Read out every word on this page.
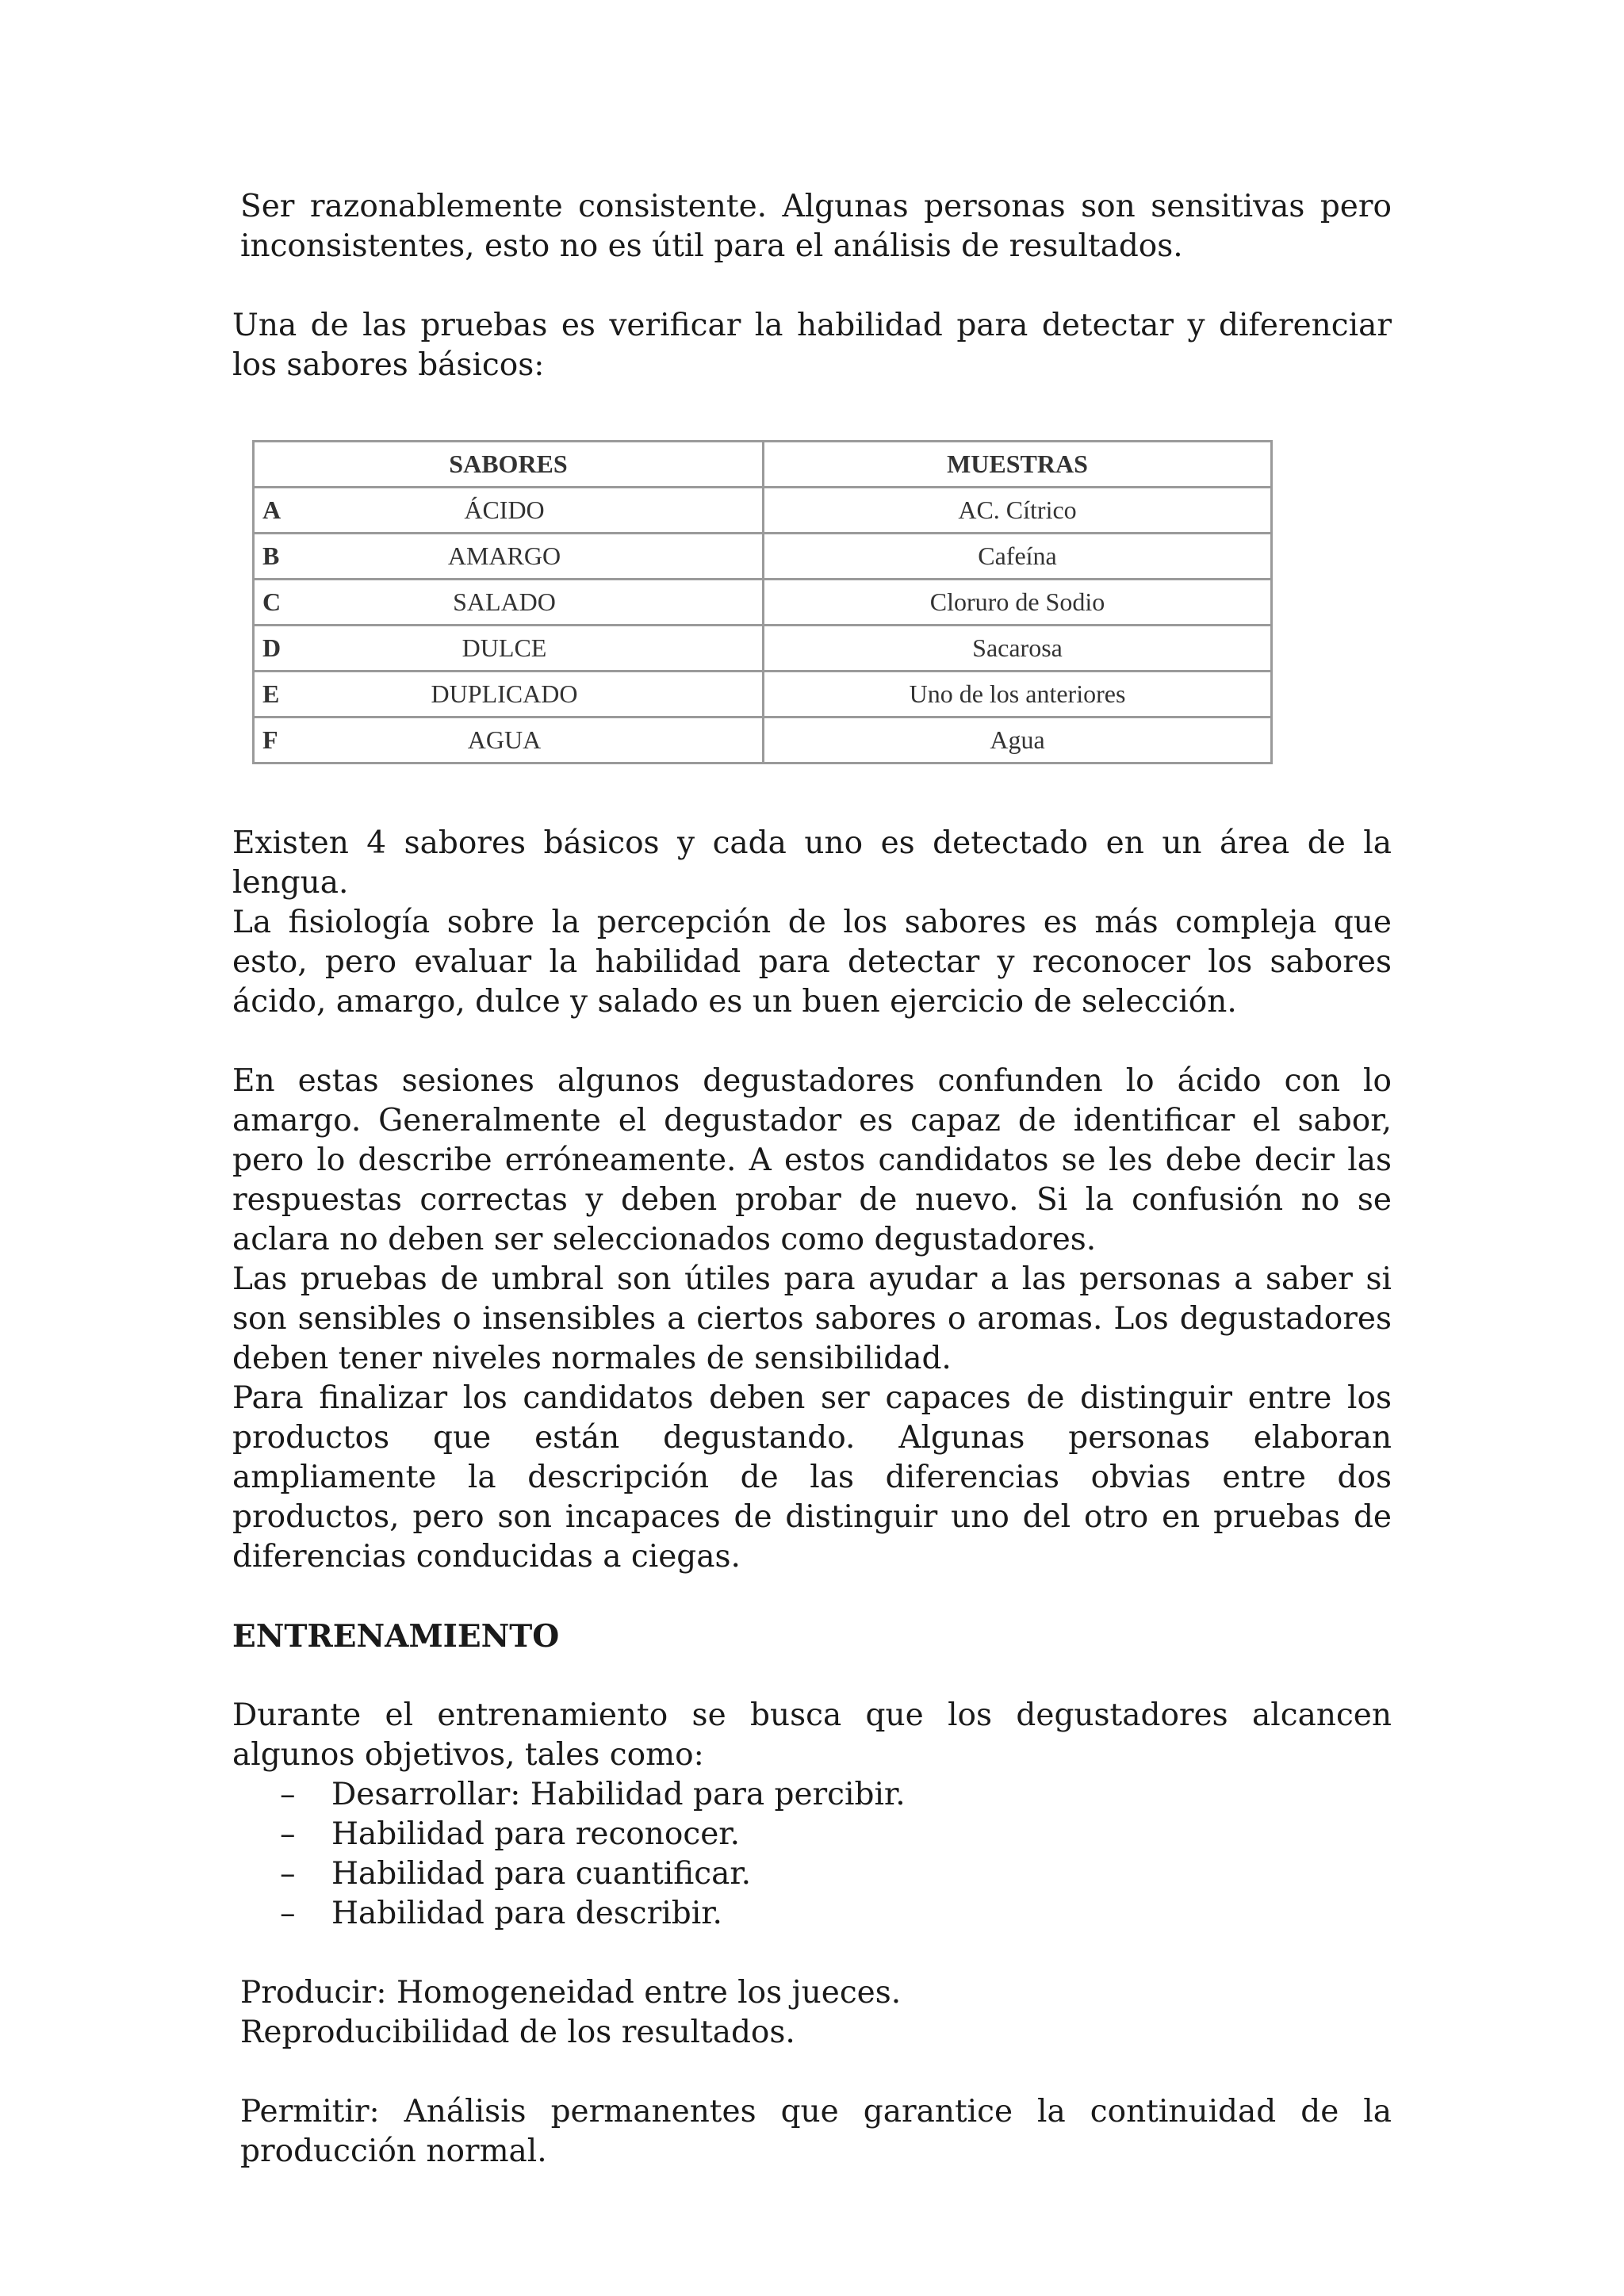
Ser razonablemente consistente. Algunas personas son sensitivas pero inconsistentes, esto no es útil para el análisis de resultados.

Una de las pruebas es verificar la habilidad para detectar y diferenciar los sabores básicos:

Existen 4 sabores básicos y cada uno es detectado en un área de la lengua.

La fisiología sobre la percepción de los sabores es más compleja que esto, pero evaluar la habilidad para detectar y reconocer los sabores ácido, amargo, dulce y salado es un buen ejercicio de selección.

En estas sesiones algunos degustadores confunden lo ácido con lo amargo. Generalmente el degustador es capaz de identificar el sabor, pero lo describe erróneamente. A estos candidatos se les debe decir las respuestas correctas y deben probar de nuevo. Si la confusión no se aclara no deben ser seleccionados como degustadores.

Las pruebas de umbral son útiles para ayudar a las personas a saber si son sensibles o insensibles a ciertos sabores o aromas. Los degustadores deben tener niveles normales de sensibilidad.

Para finalizar los candidatos deben ser capaces de distinguir entre los productos que están degustando. Algunas personas elaboran ampliamente la descripción de las diferencias obvias entre dos productos, pero son incapaces de distinguir uno del otro en pruebas de diferencias conducidas a ciegas.

ENTRENAMIENTO

Durante el entrenamiento se busca que los degustadores alcancen algunos objetivos, tales como:

– Desarrollar: Habilidad para percibir.
– Habilidad para reconocer.
– Habilidad para cuantificar.
– Habilidad para describir.

Producir: Homogeneidad entre los jueces.

Reproducibilidad de los resultados.

Permitir: Análisis permanentes que garantice la continuidad de la producción normal.

SABORES	MUESTRAS
A ÁCIDO	AC. Cítrico
B AMARGO	Cafeína
C SALADO	Cloruro de Sodio
D DULCE	Sacarosa
E DUPLICADO	Uno de los anteriores
F AGUA	Agua
